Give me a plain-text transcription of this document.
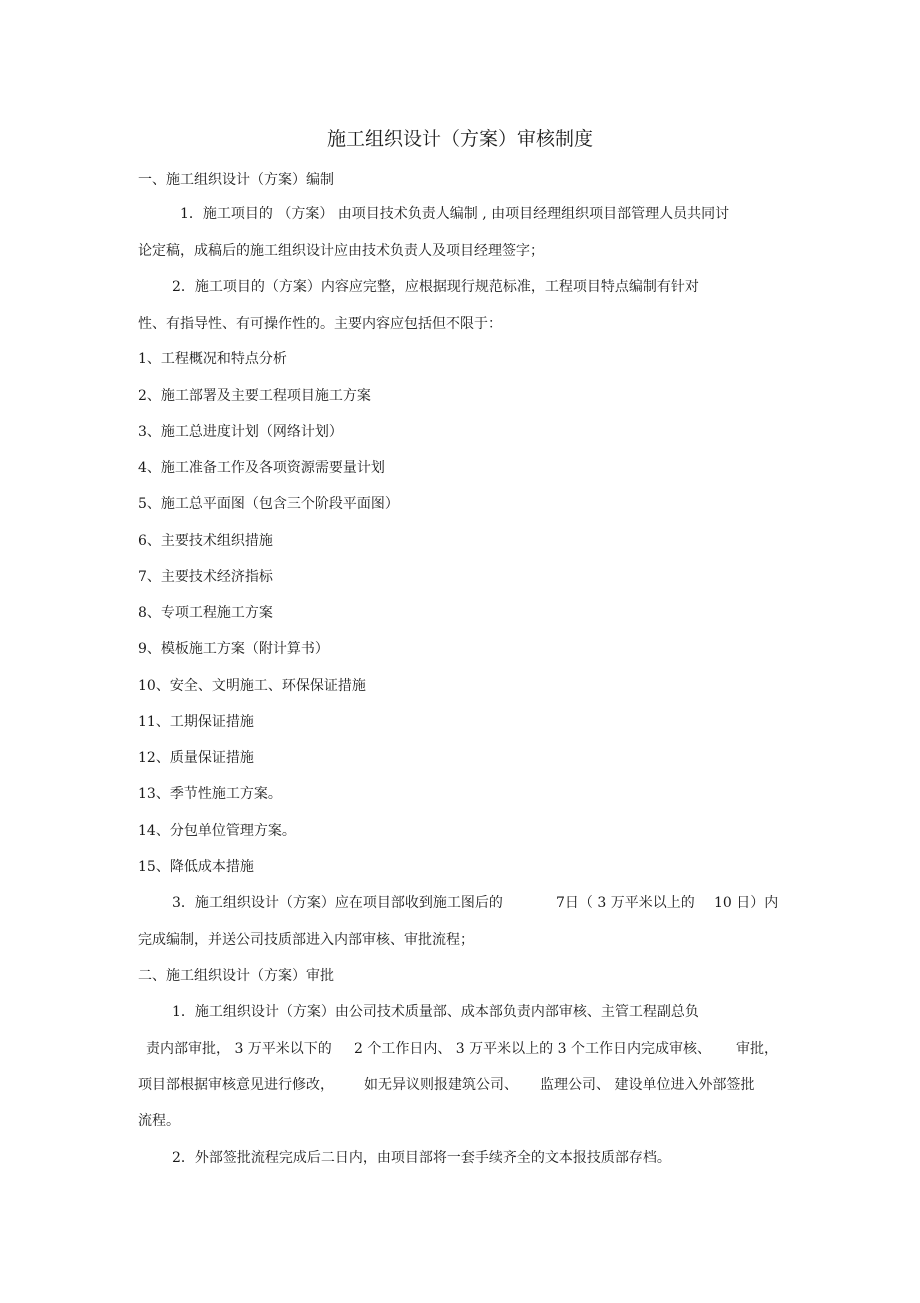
施工组织设计（方案）审核制度
一、施工组织设计（方案）编制
1．施工项目的 （方案） 由项目技术负责人编制 , 由项目经理组织项目部管理人员共同讨
论定稿，成稿后的施工组织设计应由技术负责人及项目经理签字；
2．施工项目的（方案）内容应完整，应根据现行规范标准，工程项目特点编制有针对
性、有指导性、有可操作性的。主要内容应包括但不限于：
1、工程概况和特点分析
2、施工部署及主要工程项目施工方案
3、施工总进度计划（网络计划）
4、施工准备工作及各项资源需要量计划
5、施工总平面图（包含三个阶段平面图）
6、主要技术组织措施
7、主要技术经济指标
8、专项工程施工方案
9、模板施工方案（附计算书）
10、安全、文明施工、环保保证措施
11、工期保证措施
12、质量保证措施
13、季节性施工方案。
14、分包单位管理方案。
15、降低成本措施
3．施工组织设计（方案）应在项目部收到施工图后的	7日（ 3 万平米以上的 10 日）内
完成编制，并送公司技质部进入内部审核、审批流程；
二、施工组织设计（方案）审批
1．施工组织设计（方案）由公司技术质量部、成本部负责内部审核、主管工程副总负
责内部审批， 3 万平米以下的 2 个工作日内、 3 万平米以上的 3 个工作日内完成审核、 审批，
项目部根据审核意见进行修改， 如无异议则报建筑公司、 监理公司、 建设单位进入外部签批
流程。
2．外部签批流程完成后二日内，由项目部将一套手续齐全的文本报技质部存档。
